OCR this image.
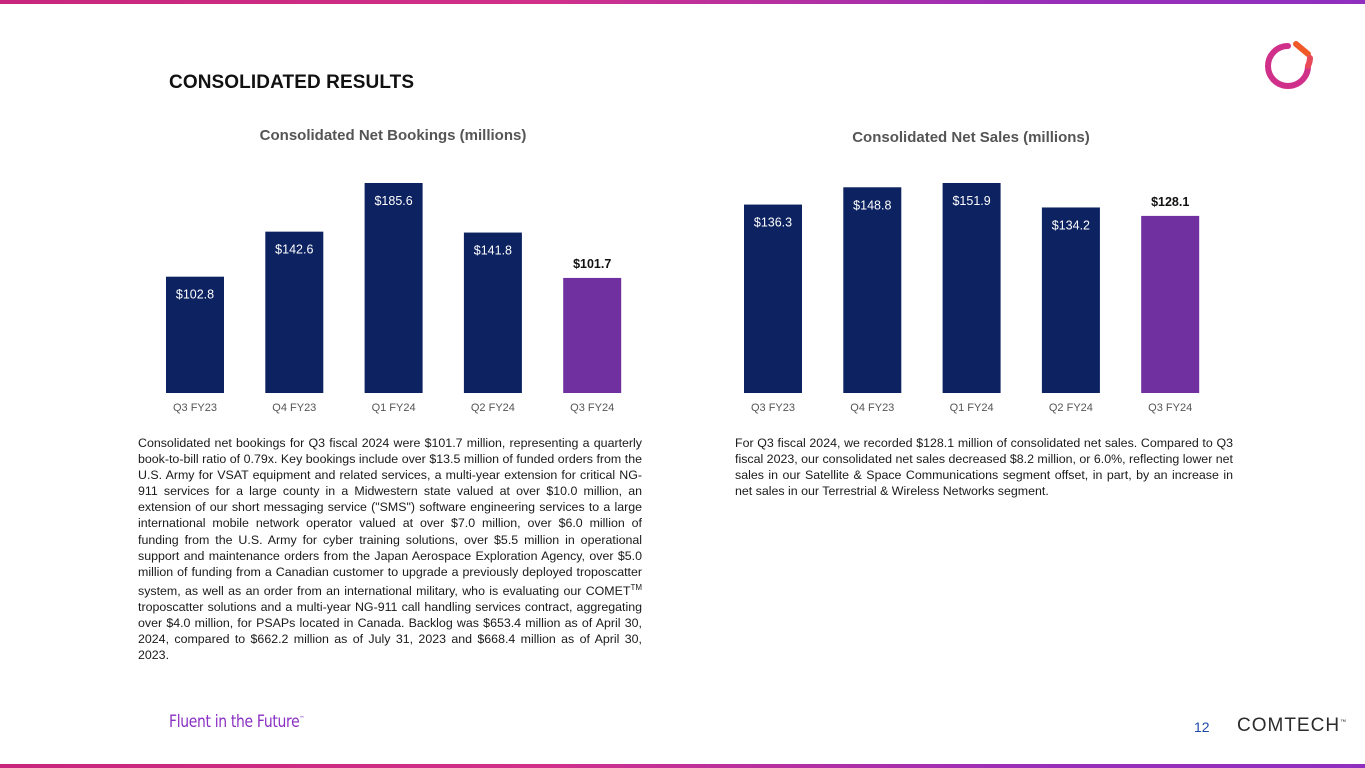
CONSOLIDATED RESULTS
Consolidated Net Bookings (millions)
$102.8
Q3 FY23
$142.6
Q4 FY23
$185.6
Q1 FY24
$141.8
Q2 FY24
$101.7
Q3 FY24
Consolidated Net Sales (millions)
$136.3
Q3 FY23
$148.8
Q4 FY23
$151.9
Q1 FY24
$134.2
Q2 FY24
$128.1
Q3 FY24

Consolidated net bookings for Q3 fiscal 2024 were $101.7 million, representing a quarterly book-to-bill ratio of 0.79x. Key bookings include over $13.5 million of funded orders from the U.S. Army for VSAT equipment and related services, a multi-year extension for critical NG-911 services for a large county in a Midwestern state valued at over $10.0 million, an extension of our short messaging service ("SMS") software engineering services to a large international mobile network operator valued at over $7.0 million, over $6.0 million of funding from the U.S. Army for cyber training solutions, over $5.5 million in operational support and maintenance orders from the Japan Aerospace Exploration Agency, over $5.0 million of funding from a Canadian customer to upgrade a previously deployed troposcatter system, as well as an order from an international military, who is evaluating our COMET™ troposcatter solutions and a multi-year NG-911 call handling services contract, aggregating over $4.0 million, for PSAPs located in Canada. Backlog was $653.4 million as of April 30, 2024, compared to $662.2 million as of July 31, 2023 and $668.4 million as of April 30, 2023.

For Q3 fiscal 2024, we recorded $128.1 million of consolidated net sales. Compared to Q3 fiscal 2023, our consolidated net sales decreased $8.2 million, or 6.0%, reflecting lower net sales in our Satellite & Space Communications segment offset, in part, by an increase in net sales in our Terrestrial & Wireless Networks segment.

Fluent in the Future™
12 COMTECH™
